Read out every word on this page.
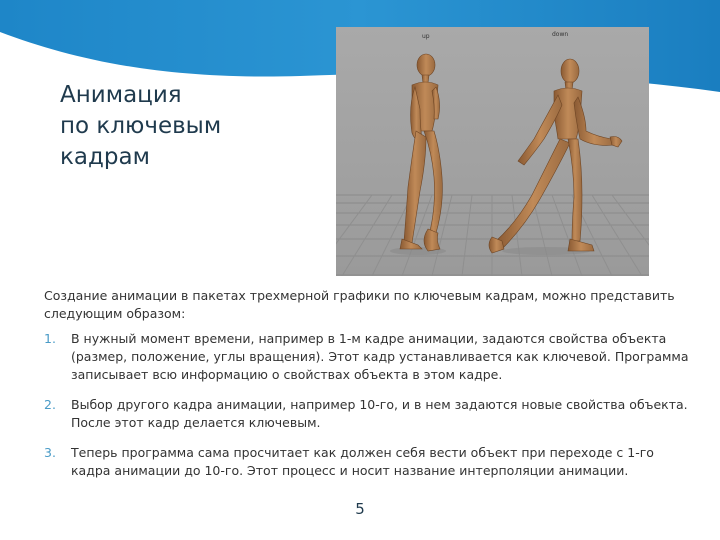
Анимация
по ключевым
кадрам
up	down
Создание анимации в пакетах трехмерной графики по ключевым кадрам, можно представить следующим образом:
1. В нужный момент времени, например в 1-м кадре анимации, задаются свойства объекта (размер, положение, углы вращения). Этот кадр устанавливается как ключевой. Программа записывает всю информацию о свойствах объекта в этом кадре.
2. Выбор другого кадра анимации, например 10-го, и в нем задаются новые свойства объекта. После этот кадр делается ключевым.
3. Теперь программа сама просчитает как должен себя вести объект при переходе с 1-го кадра анимации до 10-го. Этот процесс и носит название интерполяции анимации.
5
